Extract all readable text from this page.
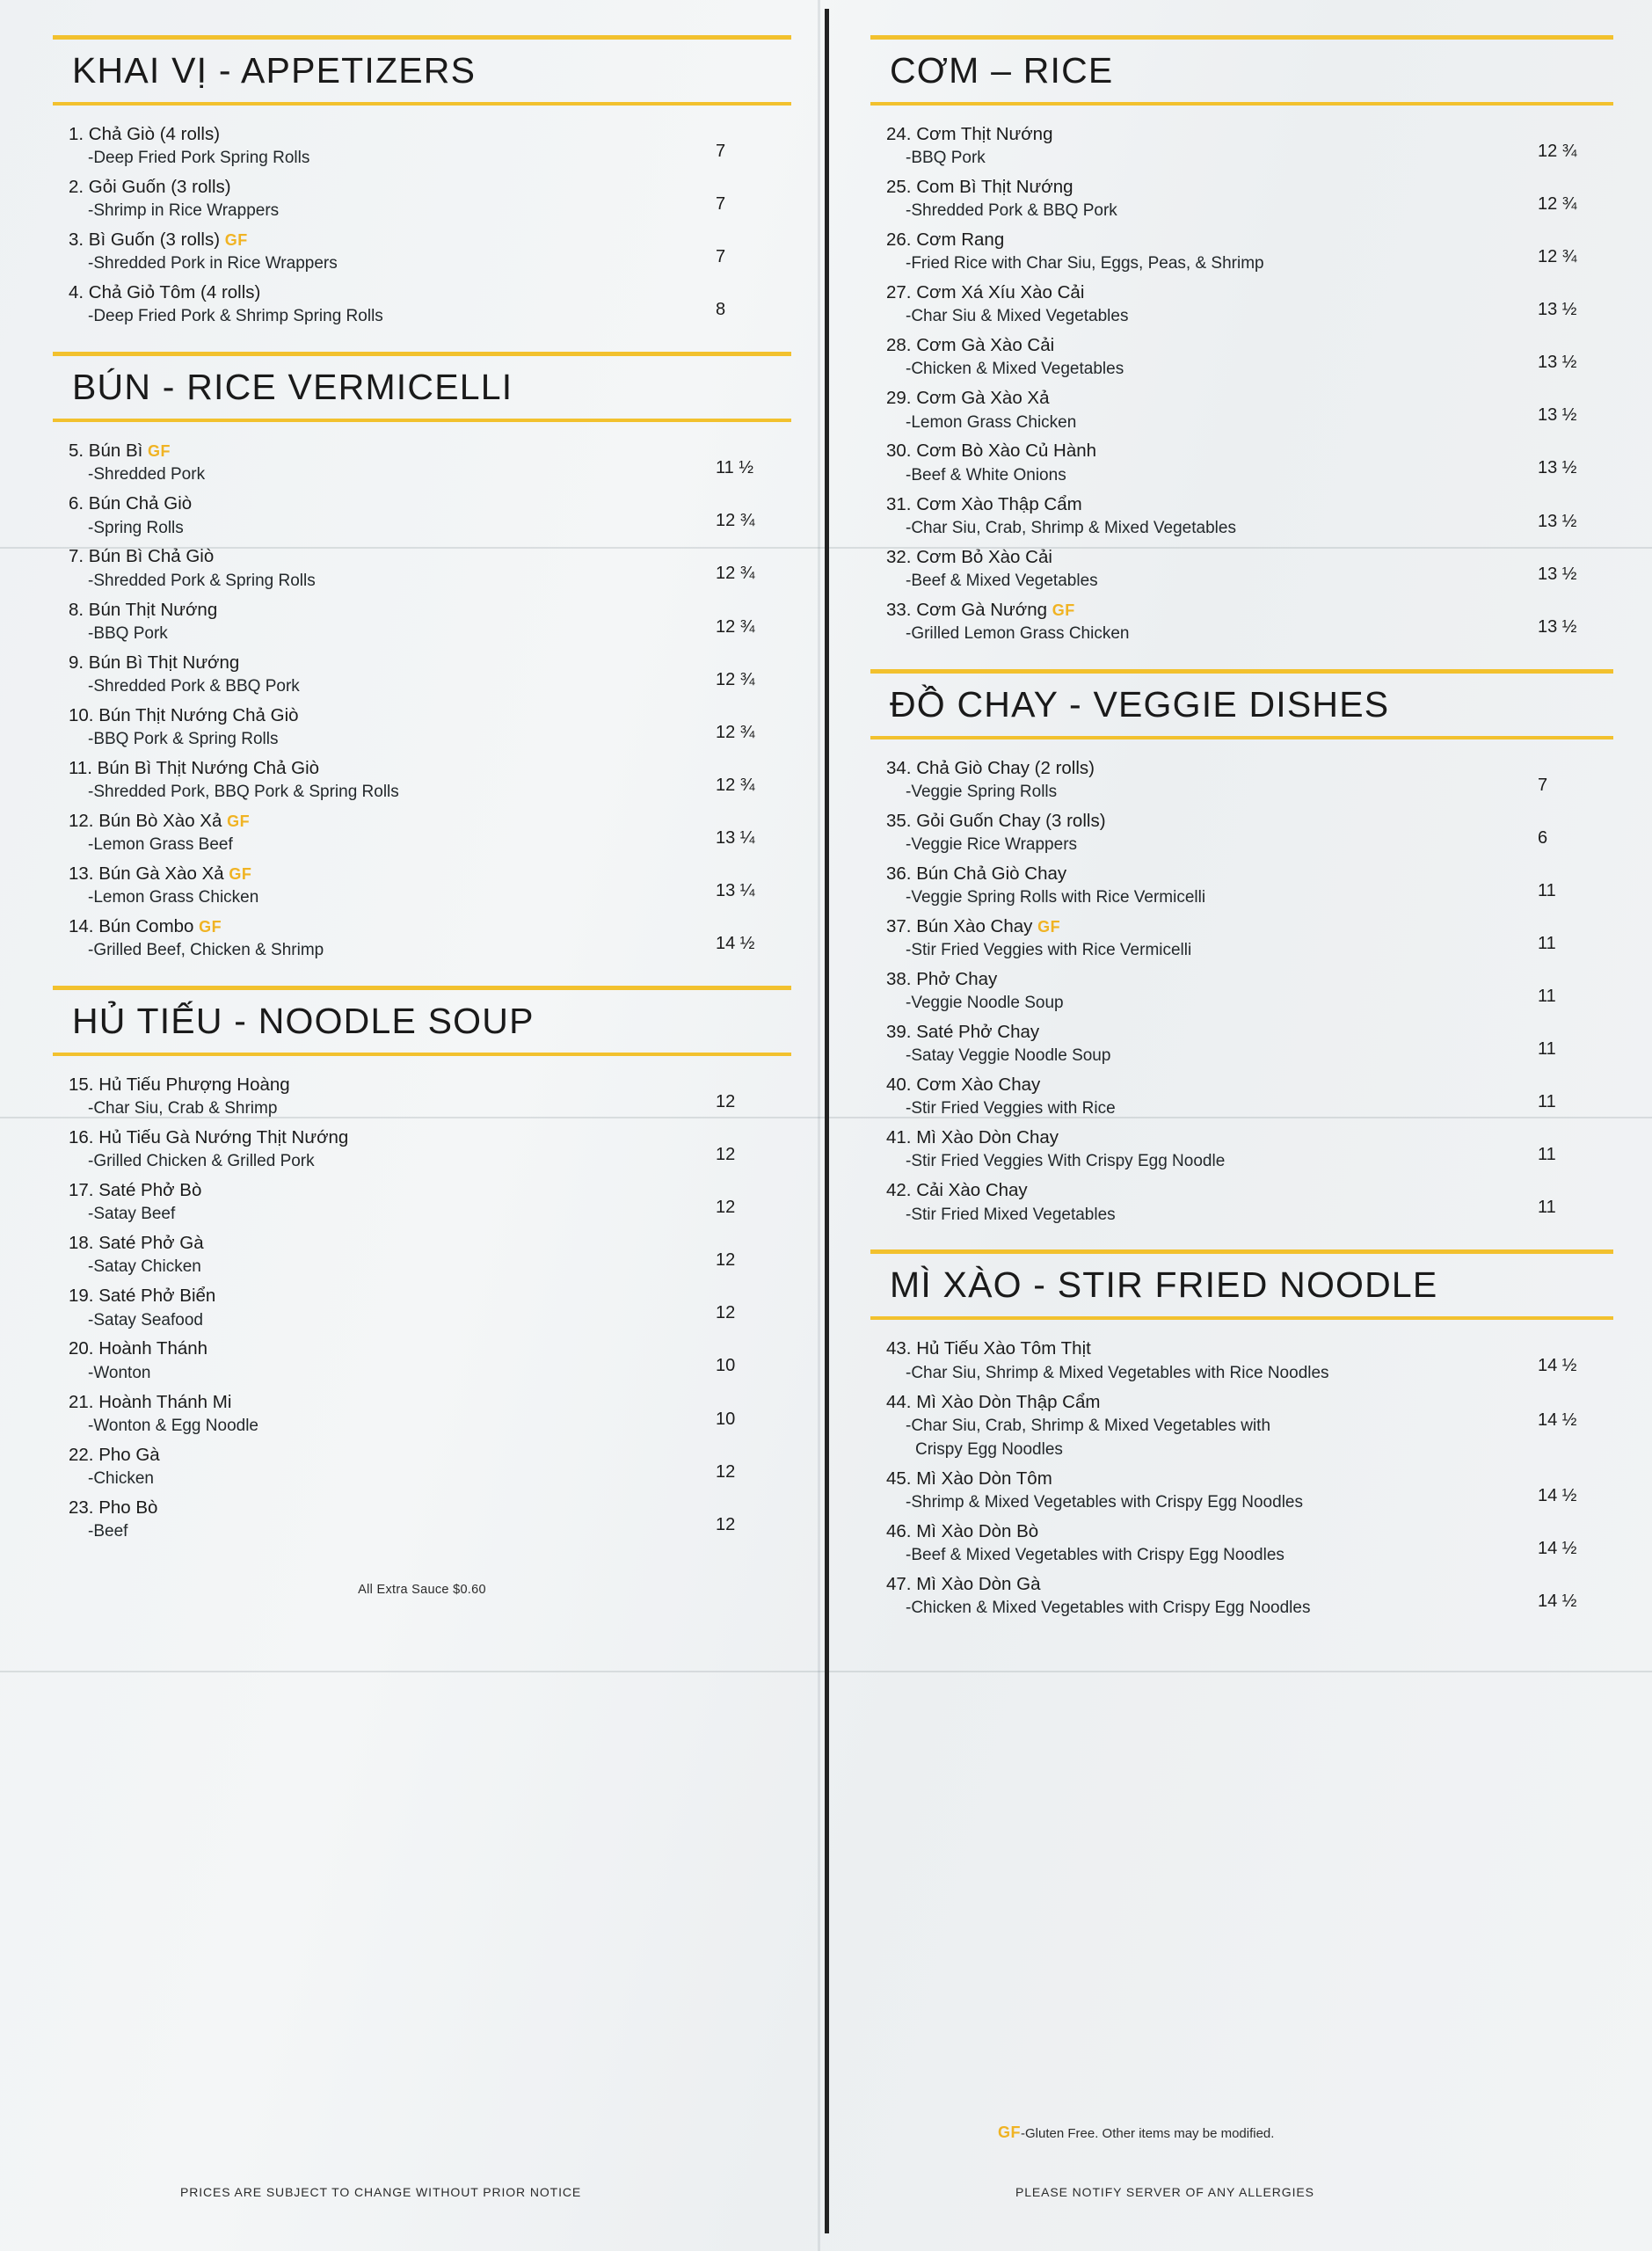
KHAI VỊ - APPETIZERS
1. Chả Giò (4 rolls)
-Deep Fried Pork Spring Rolls	7
2. Gỏi Guốn (3 rolls)
-Shrimp in Rice Wrappers	7
3. Bì Guốn (3 rolls) GF
-Shredded Pork in Rice Wrappers	7
4. Chả Giỏ Tôm (4 rolls)
-Deep Fried Pork & Shrimp Spring Rolls	8
BÚN - RICE VERMICELLI
5. Bún Bì GF
-Shredded Pork	11 ½
6. Bún Chả Giò
-Spring Rolls	12 ¾
7. Bún Bì Chả Giò
-Shredded Pork & Spring Rolls	12 ¾
8. Bún Thịt Nướng
-BBQ Pork	12 ¾
9. Bún Bì Thịt Nướng
-Shredded Pork & BBQ Pork	12 ¾
10. Bún Thịt Nướng Chả Giò
-BBQ Pork & Spring Rolls	12 ¾
11. Bún Bì Thịt Nướng Chả Giò
-Shredded Pork, BBQ Pork & Spring Rolls	12 ¾
12. Bún Bò Xào Xả GF
-Lemon Grass Beef	13 ¼
13. Bún Gà Xào Xả GF
-Lemon Grass Chicken	13 ¼
14. Bún Combo GF
-Grilled Beef, Chicken & Shrimp	14 ½
HỦ TIẾU - NOODLE SOUP
15. Hủ Tiếu Phượng Hoàng
-Char Siu, Crab & Shrimp	12
16. Hủ Tiếu Gà Nướng Thịt Nướng
-Grilled Chicken & Grilled Pork	12
17. Saté Phở Bò
-Satay Beef	12
18. Saté Phở Gà
-Satay Chicken	12
19. Saté Phở Biển
-Satay Seafood	12
20. Hoành Thánh
-Wonton	10
21. Hoành Thánh Mi
-Wonton & Egg Noodle	10
22. Pho Gà
-Chicken	12
23. Pho Bò
-Beef	12
All Extra Sauce $0.60
CƠM – RICE
24. Cơm Thịt Nướng
-BBQ Pork	12 ¾
25. Com Bì Thịt Nướng
-Shredded Pork & BBQ Pork	12 ¾
26. Cơm Rang
-Fried Rice with Char Siu, Eggs, Peas, & Shrimp	12 ¾
27. Cơm Xá Xíu Xào Cải
-Char Siu & Mixed Vegetables	13 ½
28. Cơm Gà Xào Cải
-Chicken & Mixed Vegetables	13 ½
29. Cơm Gà Xào Xả
-Lemon Grass Chicken	13 ½
30. Cơm Bò Xào Củ Hành
-Beef & White Onions	13 ½
31. Cơm Xào Thập Cẩm
-Char Siu, Crab, Shrimp & Mixed Vegetables	13 ½
32. Cơm Bỏ Xào Cải
-Beef & Mixed Vegetables	13 ½
33. Cơm Gà Nướng GF
-Grilled Lemon Grass Chicken	13 ½
ĐỒ CHAY - VEGGIE DISHES
34. Chả Giò Chay (2 rolls)
-Veggie Spring Rolls	7
35. Gỏi Guốn Chay (3 rolls)
-Veggie Rice Wrappers	6
36. Bún Chả Giò Chay
-Veggie Spring Rolls with Rice Vermicelli	11
37. Bún Xào Chay GF
-Stir Fried Veggies with Rice Vermicelli	11
38. Phở Chay
-Veggie Noodle Soup	11
39. Saté Phở Chay
-Satay Veggie Noodle Soup	11
40. Cơm Xào Chay
-Stir Fried Veggies with Rice	11
41. Mì Xào Dòn Chay
-Stir Fried Veggies With Crispy Egg Noodle	11
42. Cải Xào Chay
-Stir Fried Mixed Vegetables	11
MÌ XÀO - STIR FRIED NOODLE
43. Hủ Tiếu Xào Tôm Thịt
-Char Siu, Shrimp & Mixed Vegetables with Rice Noodles	14 ½
44. Mì Xào Dòn Thập Cẩm
-Char Siu, Crab, Shrimp & Mixed Vegetables with
Crispy Egg Noodles
14 ½
45. Mì Xào Dòn Tôm
-Shrimp & Mixed Vegetables with Crispy Egg Noodles	14 ½
46. Mì Xào Dòn Bò
-Beef & Mixed Vegetables with Crispy Egg Noodles	14 ½
47. Mì Xào Dòn Gà
-Chicken & Mixed Vegetables with Crispy Egg Noodles	14 ½
GF-Gluten Free. Other items may be modified.
PRICES ARE SUBJECT TO CHANGE WITHOUT PRIOR NOTICE	PLEASE NOTIFY SERVER OF ANY ALLERGIES
